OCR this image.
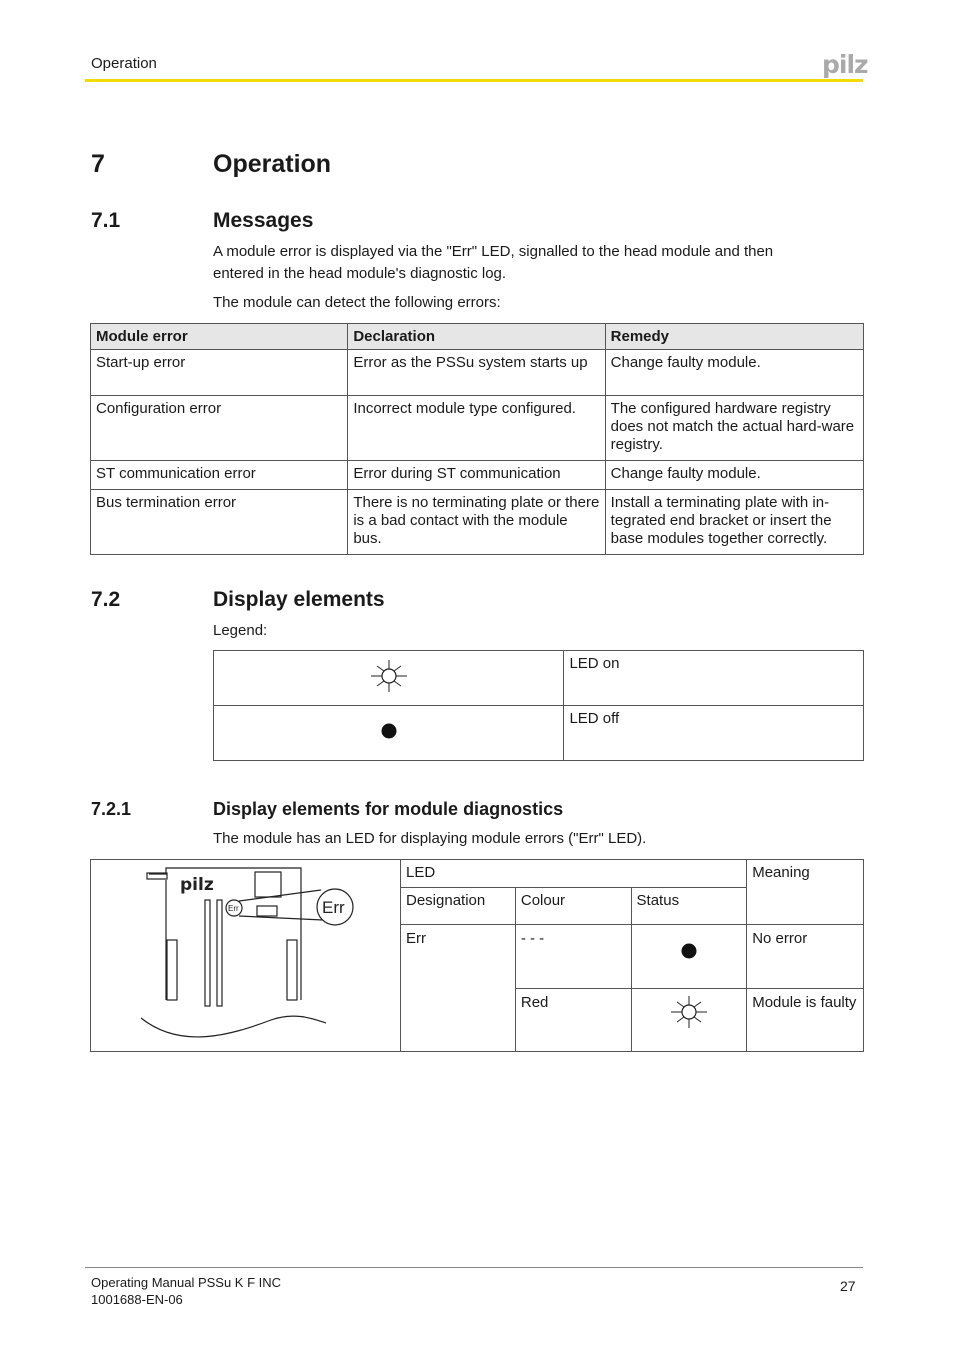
Operation	pilz
7	Operation
7.1	Messages
A module error is displayed via the "Err" LED, signalled to the head module and then
entered in the head module's diagnostic log.
The module can detect the following errors:
Module error	Declaration	Remedy
Start-up error	Error as the PSSu system starts up	Change faulty module.
Configuration error	Incorrect module type configured.	The configured hardware registry does not match the actual hard-ware registry.
ST communication error	Error during ST communication	Change faulty module.
Bus termination error	There is no terminating plate or there is a bad contact with the module bus.	Install a terminating plate with in-tegrated end bracket or insert the base modules together correctly.
7.2	Display elements
Legend:
	LED on
	LED off
7.2.1	Display elements for module diagnostics
The module has an LED for displaying module errors ("Err" LED).
pilz
Err	Err
LED			Meaning
Designation	Colour	Status	
Err	- - -		No error
	Red		Module is faulty
Operating Manual PSSu K F INC
1001688-EN-06
27
